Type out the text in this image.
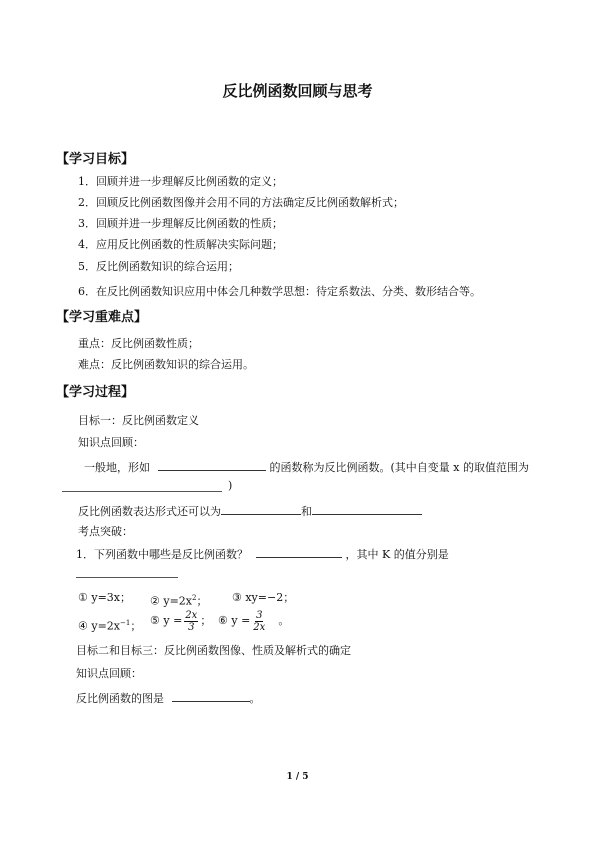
反比例函数回顾与思考
【学习目标】
1．回顾并进一步理解反比例函数的定义；
2．回顾反比例函数图像并会用不同的方法确定反比例函数解析式；
3．回顾并进一步理解反比例函数的性质；
4．应用反比例函数的性质解决实际问题；
5．反比例函数知识的综合运用；
6．在反比例函数知识应用中体会几种数学思想：待定系数法、分类、数形结合等。
【学习重难点】
重点：反比例函数性质；
难点：反比例函数知识的综合运用。
【学习过程】
目标一：反比例函数定义
知识点回顾：
一般地，形如	的函数称为反比例函数。(其中自变量 x 的取值范围为
)
反比例函数表达形式还可以为	和
考点突破：
1．下列函数中哪些是反比例函数？	，其中 K 的值分别是
① y=3x； ② $y=2x^2$； ③ xy=−2；
④ $y=2x^{-1}$； ⑤ $y = \frac{2x}{3}$ ； ⑥ $y = \frac{3}{2x}$ 。
目标二和目标三：反比例函数图像、性质及解析式的确定
知识点回顾：
反比例函数的图是	。
1 / 5
